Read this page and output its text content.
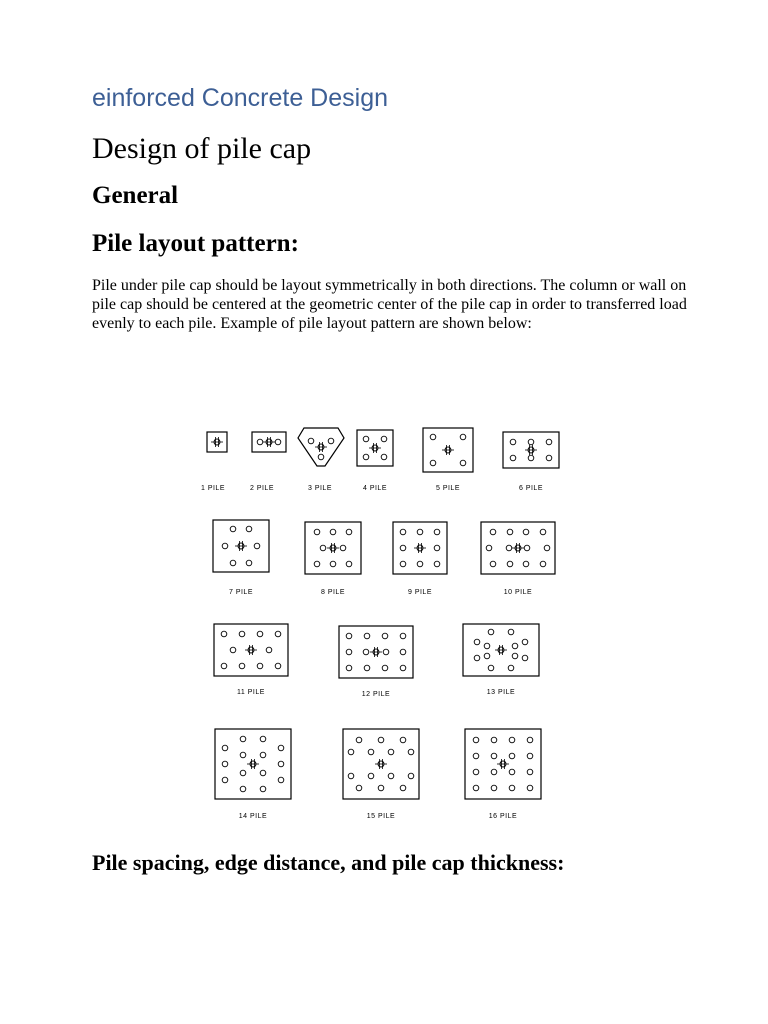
einforced Concrete Design
Design of pile cap
General
Pile layout pattern:

Pile under pile cap should be layout symmetrically in both directions. The column or wall on pile cap should be centered at the geometric center of the pile cap in order to transferred load evenly to each pile. Example of pile layout pattern are shown below:

1 PILE	2 PILE	3 PILE	4 PILE	5 PILE	6 PILE
7 PILE	8 PILE	9 PILE	10 PILE
11 PILE	12 PILE	13 PILE
14 PILE	15 PILE	16 PILE
Pile spacing, edge distance, and pile cap thickness:
